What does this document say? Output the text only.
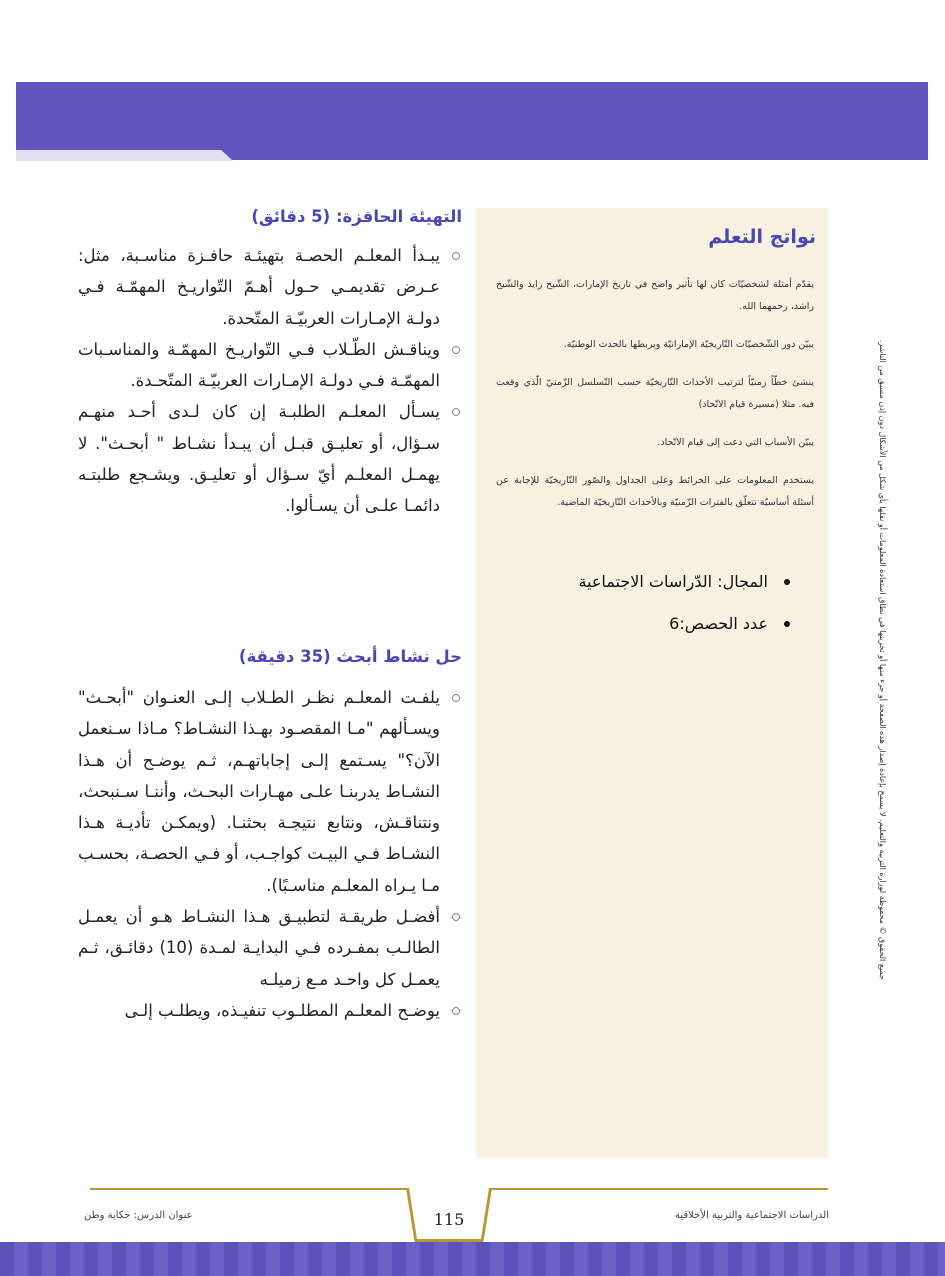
نواتج التعلم

يقدّم أمثلة لشخصيّات كان لها تأثير واضح في تاريخ الإمارات، الشّيخ زايد والشّيخ راشد، رحمهما الله.

يبيّن دور الشّخصيّات التّاريخيّة الإماراتيّة ويربطها بالحدث الوطنيّة.

ينشئ خطّاً زمنيّاً لترتيب الأحداث التّاريخيّة حسب التّسلسل الزّمنيّ الّذي وقعت فيه. مثلا (مسيرة قيام الاتّحاد)

يبيّن الأسباب التي دعت إلى قيام الاتّحاد.

يستخدم المعلومات على الخرائط وعلى الجداول والصّور التّاريخيّة للإجابة عن أسئلة أساسيّة تتعلّق بالفترات الزّمنيّة وبالأحداث التّاريخيّة الماضية.

المجال: الدّراسات الاجتماعية
عدد الحصص:6
التهيئة الحافزة: (5 دقائق)
يبـدأ المعلـم الحصـة بتهيئـة حافـزة مناسـبة، مثل: عـرض تقديمـي حـول أهـمّ التّواريـخ المهمّـة فـي دولـة الإمـارات العربيّـة المتّحدة.
ويناقـش الطّـلاب فـي التّواريـخ المهمّـة والمناسـبات المهمّـة فـي دولـة الإمـارات العربيّـة المتّحـدة.
يسـأل المعلـم الطلبـة إن كان لـدى أحـد منهـم سـؤال، أو تعليـق قبـل أن يبـدأ نشـاط " أبحـث". لا يهمـل المعلـم أيّ سـؤال أو تعليـق. ويشـجع طلبتـه دائمـا علـى أن يسـألوا.
حل نشاط أبحث (35 دقيقة)
يلفـت المعلـم نظـر الطـلاب إلـى العنـوان "أبحـث" ويسـألهم "مـا المقصـود بهـذا النشـاط؟ مـاذا سـنعمل الآن؟" يسـتمع إلـى إجاباتهـم، ثـم يوضـح أن هـذا النشـاط يدربنـا علـى مهـارات البحـث، وأننـا سـنبحث، ونتناقـش، ونتابع نتيجـة بحثنـا. (ويمكـن تأديـة هـذا النشـاط فـي البيـت كواجـب، أو فـي الحصـة، بحسـب مـا يـراه المعلـم مناسـبًا).
أفضـل طريقـة لتطبيـق هـذا النشـاط هـو أن يعمـل الطالـب بمفـرده فـي البدايـة لمـدة (10) دقائـق، ثـم يعمـل كل واحـد مـع زميلـه
يوضـح المعلـم المطلـوب تنفيـذه، ويطلـب إلـى
جميع الحقوق © محفوظة لوزارة التربية والتعليم. لا يسمح بإعادة إصدار هذه الصفحة أو جزء منها أو تخزينها في نطاق استعادة المعلومات أو نقلها بأي شكل من الأشكال دون إذن مسبق من الناشر.
115	الدراسات الاجتماعية والتربية الأخلاقية
عنوان الدرس: حكاية وطن
